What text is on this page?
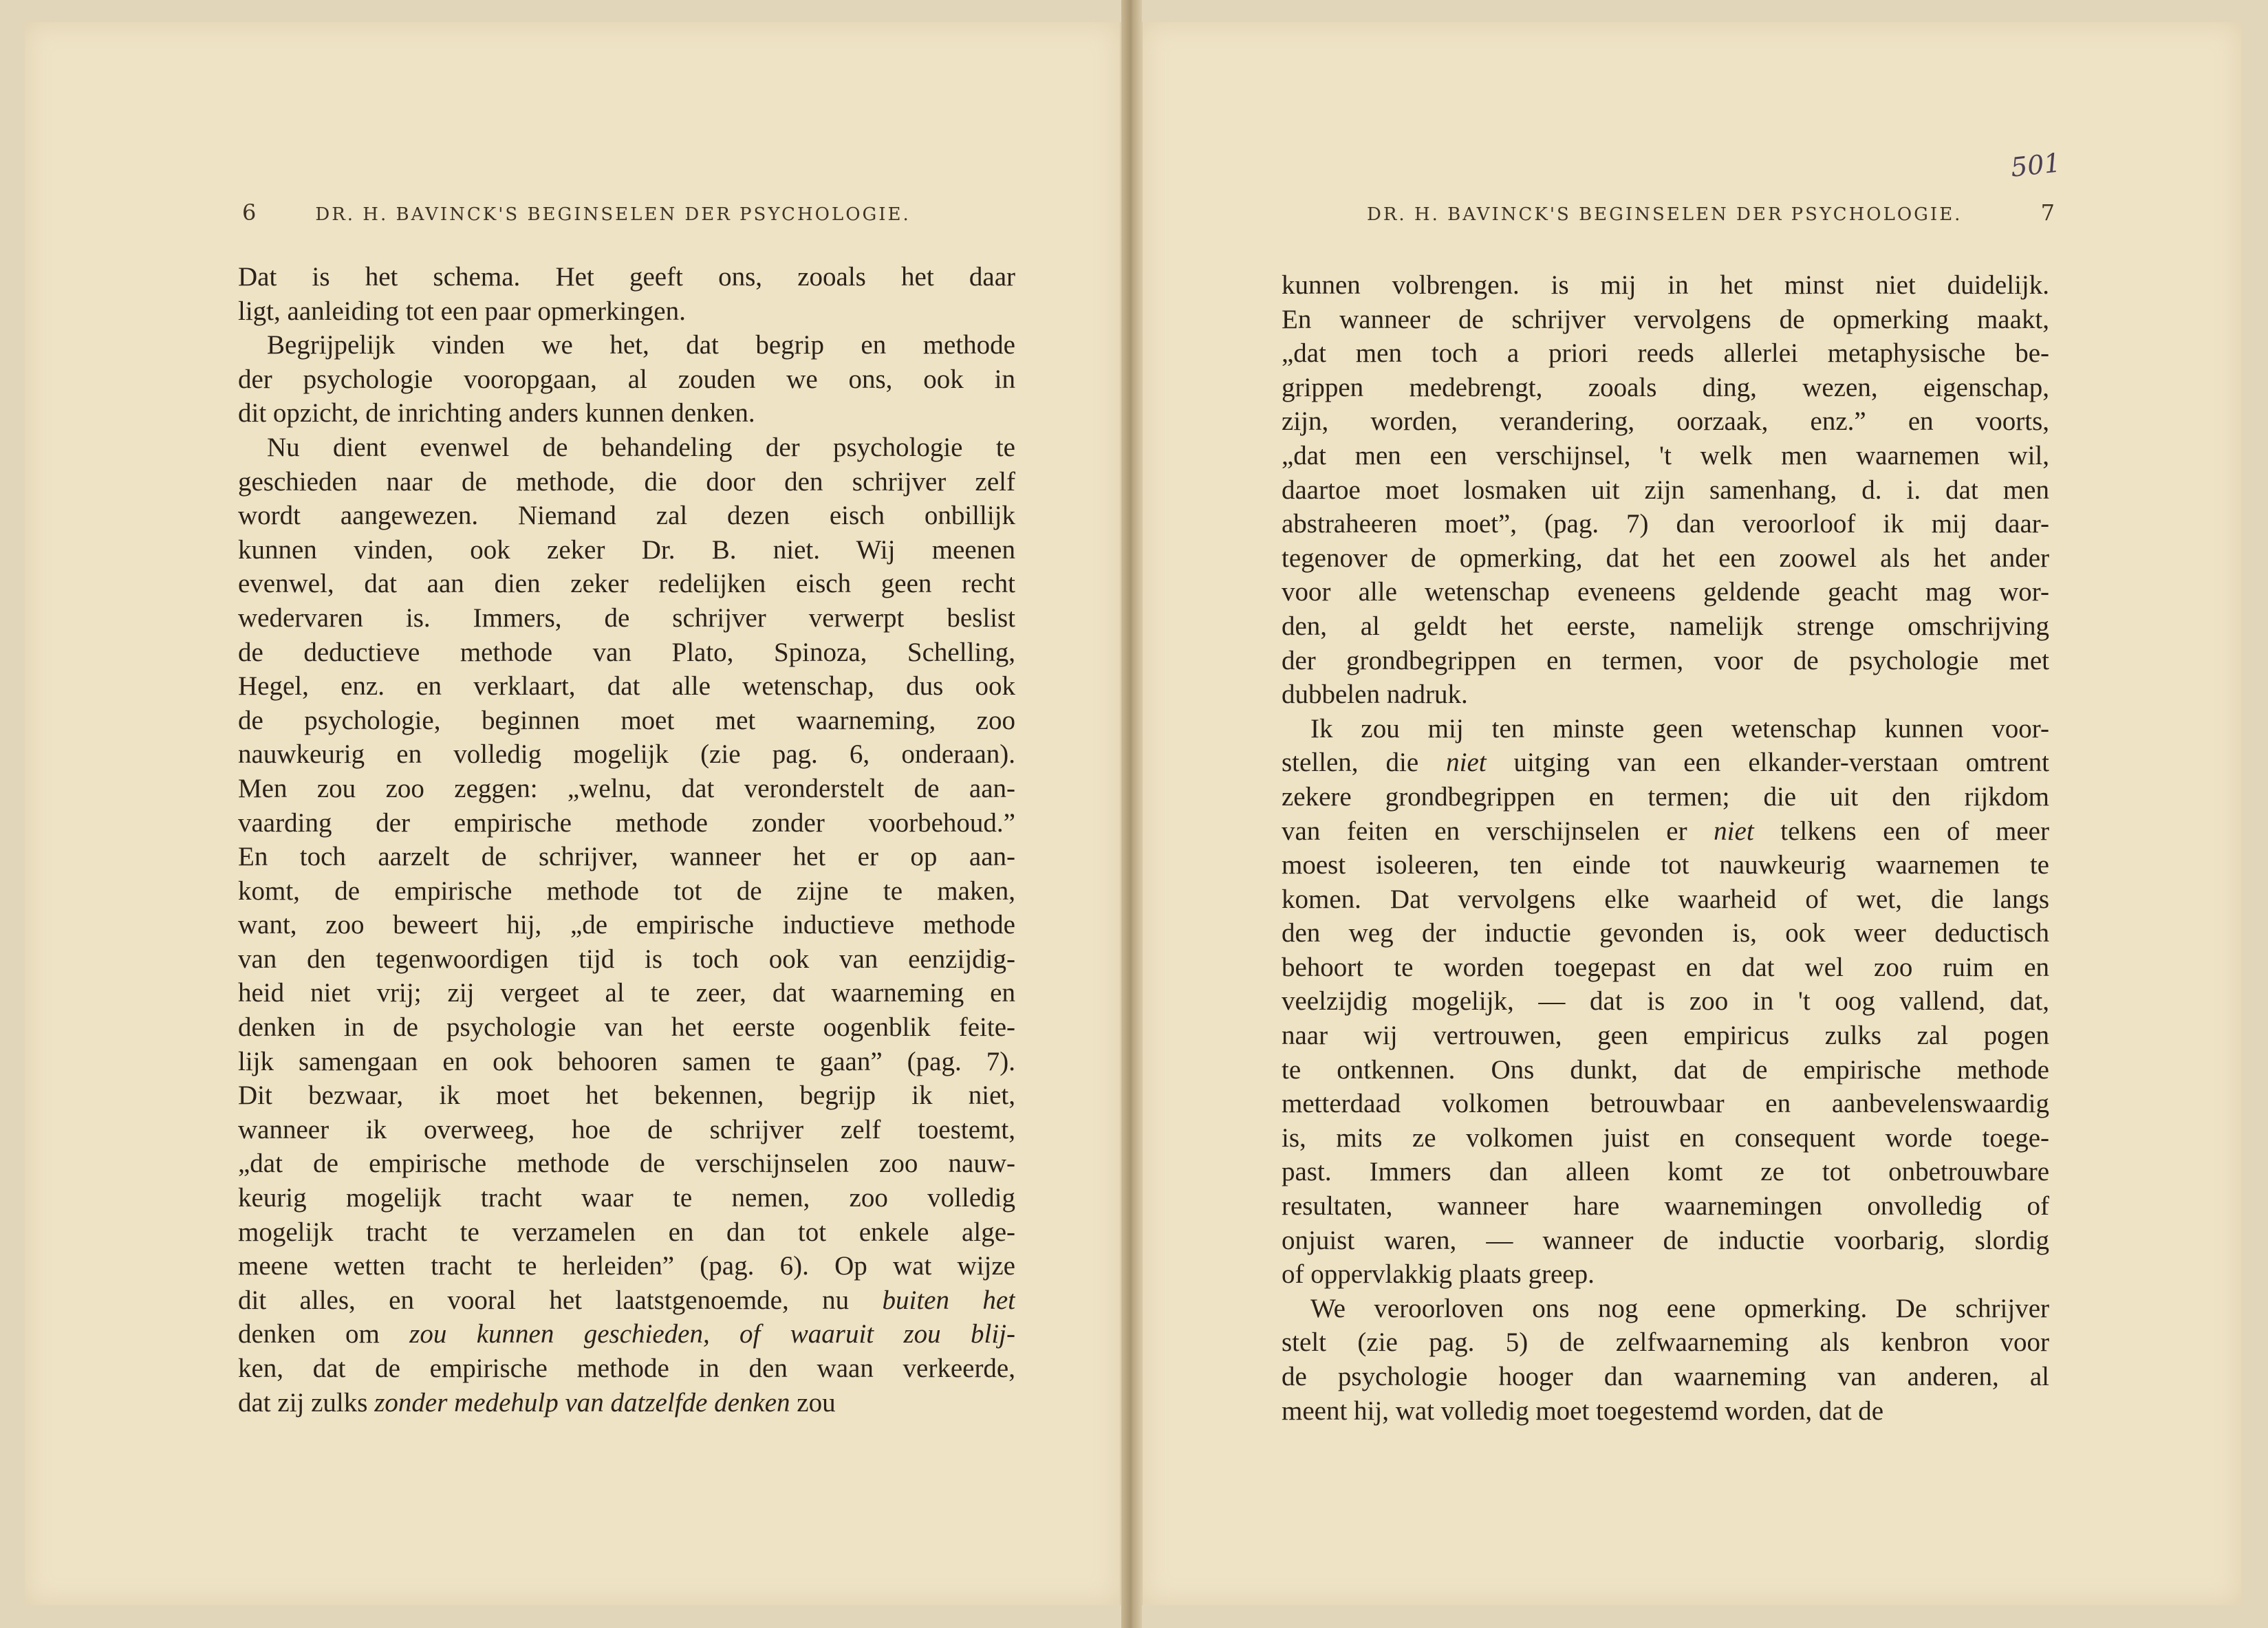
6	DR. H. BAVINCK'S BEGINSELEN DER PSYCHOLOGIE.
Dat is het schema. Het geeft ons, zooals het daar
ligt, aanleiding tot een paar opmerkingen.
Begrijpelijk vinden we het, dat begrip en methode
der psychologie vooropgaan, al zouden we ons, ook in
dit opzicht, de inrichting anders kunnen denken.
Nu dient evenwel de behandeling der psychologie te
geschieden naar de methode, die door den schrijver zelf
wordt aangewezen. Niemand zal dezen eisch onbillijk
kunnen vinden, ook zeker Dr. B. niet. Wij meenen
evenwel, dat aan dien zeker redelijken eisch geen recht
wedervaren is. Immers, de schrijver verwerpt beslist
de deductieve methode van Plato, Spinoza, Schelling,
Hegel, enz. en verklaart, dat alle wetenschap, dus ook
de psychologie, beginnen moet met waarneming, zoo
nauwkeurig en volledig mogelijk (zie pag. 6, onderaan).
Men zou zoo zeggen: „welnu, dat veronderstelt de aan-
vaarding der empirische methode zonder voorbehoud.”
En toch aarzelt de schrijver, wanneer het er op aan-
komt, de empirische methode tot de zijne te maken,
want, zoo beweert hij, „de empirische inductieve methode
van den tegenwoordigen tijd is toch ook van eenzijdig-
heid niet vrij; zij vergeet al te zeer, dat waarneming en
denken in de psychologie van het eerste oogenblik feite-
lijk samengaan en ook behooren samen te gaan” (pag. 7).
Dit bezwaar, ik moet het bekennen, begrijp ik niet,
wanneer ik overweeg, hoe de schrijver zelf toestemt,
„dat de empirische methode de verschijnselen zoo nauw-
keurig mogelijk tracht waar te nemen, zoo volledig
mogelijk tracht te verzamelen en dan tot enkele alge-
meene wetten tracht te herleiden” (pag. 6). Op wat wijze
dit alles, en vooral het laatstgenoemde, nu buiten het
denken om zou kunnen geschieden, of waaruit zou blij-
ken, dat de empirische methode in den waan verkeerde,
dat zij zulks zonder medehulp van datzelfde denken zou
501
DR. H. BAVINCK'S BEGINSELEN DER PSYCHOLOGIE.	7
kunnen volbrengen. is mij in het minst niet duidelijk.
En wanneer de schrijver vervolgens de opmerking maakt,
„dat men toch a priori reeds allerlei metaphysische be-
grippen medebrengt, zooals ding, wezen, eigenschap,
zijn, worden, verandering, oorzaak, enz.” en voorts,
„dat men een verschijnsel, 't welk men waarnemen wil,
daartoe moet losmaken uit zijn samenhang, d. i. dat men
abstraheeren moet”, (pag. 7) dan veroorloof ik mij daar-
tegenover de opmerking, dat het een zoowel als het ander
voor alle wetenschap eveneens geldende geacht mag wor-
den, al geldt het eerste, namelijk strenge omschrijving
der grondbegrippen en termen, voor de psychologie met
dubbelen nadruk.
Ik zou mij ten minste geen wetenschap kunnen voor-
stellen, die niet uitging van een elkander-verstaan omtrent
zekere grondbegrippen en termen; die uit den rijkdom
van feiten en verschijnselen er niet telkens een of meer
moest isoleeren, ten einde tot nauwkeurig waarnemen te
komen. Dat vervolgens elke waarheid of wet, die langs
den weg der inductie gevonden is, ook weer deductisch
behoort te worden toegepast en dat wel zoo ruim en
veelzijdig mogelijk, — dat is zoo in 't oog vallend, dat,
naar wij vertrouwen, geen empiricus zulks zal pogen
te ontkennen. Ons dunkt, dat de empirische methode
metterdaad volkomen betrouwbaar en aanbevelenswaardig
is, mits ze volkomen juist en consequent worde toege-
past. Immers dan alleen komt ze tot onbetrouwbare
resultaten, wanneer hare waarnemingen onvolledig of
onjuist waren, — wanneer de inductie voorbarig, slordig
of oppervlakkig plaats greep.
We veroorloven ons nog eene opmerking. De schrijver
stelt (zie pag. 5) de zelfwaarneming als kenbron voor
de psychologie hooger dan waarneming van anderen, al
meent hij, wat volledig moet toegestemd worden, dat de
